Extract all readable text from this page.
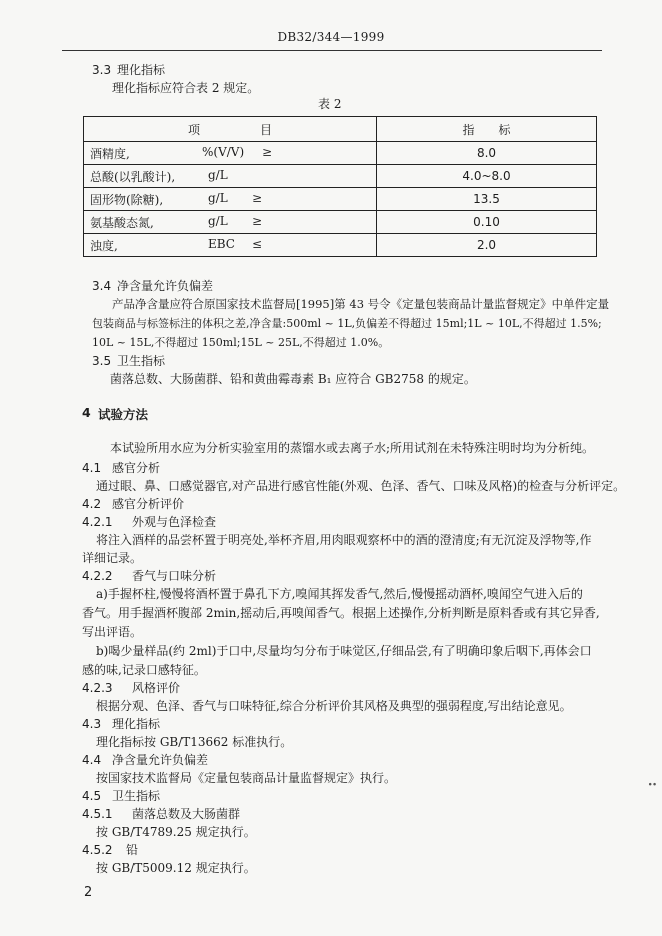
DB32/344—1999
3.3 理化指标
理化指标应符合表 2 规定。
表 2
项　　　　　目	指　　标

酒精度, %(V/V) ≥	8.0

总酸(以乳酸计), g/L	4.0~8.0

固形物(除糖), g/L ≥	13.5

氨基酸态氮, g/L ≥	0.10

浊度, EBC ≤	2.0
3.4 净含量允许负偏差
产品净含量应符合原国家技术监督局[1995]第 43 号令《定量包装商品计量监督规定》中单件定量
包装商品与标签标注的体积之差,净含量:500ml ~ 1L,负偏差不得超过 15ml;1L ~ 10L,不得超过 1.5%;
10L ~ 15L,不得超过 150ml;15L ~ 25L,不得超过 1.0%。
3.5 卫生指标
菌落总数、大肠菌群、铅和黄曲霉毒素 B₁ 应符合 GB2758 的规定。
4 试验方法
本试验所用水应为分析实验室用的蒸馏水或去离子水;所用试剂在未特殊注明时均为分析纯。
4.1 感官分析
通过眼、鼻、口感觉器官,对产品进行感官性能(外观、色泽、香气、口味及风格)的检查与分析评定。
4.2 感官分析评价
4.2.1 外观与色泽检查
将注入酒样的品尝杯置于明亮处,举杯齐眉,用肉眼观察杯中的酒的澄清度;有无沉淀及浮物等,作
详细记录。
4.2.2 香气与口味分析
a)手握杯柱,慢慢将酒杯置于鼻孔下方,嗅闻其挥发香气,然后,慢慢摇动酒杯,嗅闻空气进入后的
香气。用手握酒杯腹部 2min,摇动后,再嗅闻香气。根据上述操作,分析判断是原料香或有其它异香,
写出评语。
b)喝少量样品(约 2ml)于口中,尽量均匀分布于味觉区,仔细品尝,有了明确印象后咽下,再体会口
感的味,记录口感特征。
4.2.3 风格评价
根据分观、色泽、香气与口味特征,综合分析评价其风格及典型的强弱程度,写出结论意见。
4.3 理化指标
理化指标按 GB/T13662 标准执行。
4.4 净含量允许负偏差
按国家技术监督局《定量包装商品计量监督规定》执行。
4.5 卫生指标
4.5.1 菌落总数及大肠菌群
按 GB/T4789.25 规定执行。
4.5.2 铅
按 GB/T5009.12 规定执行。
2
∙∙
